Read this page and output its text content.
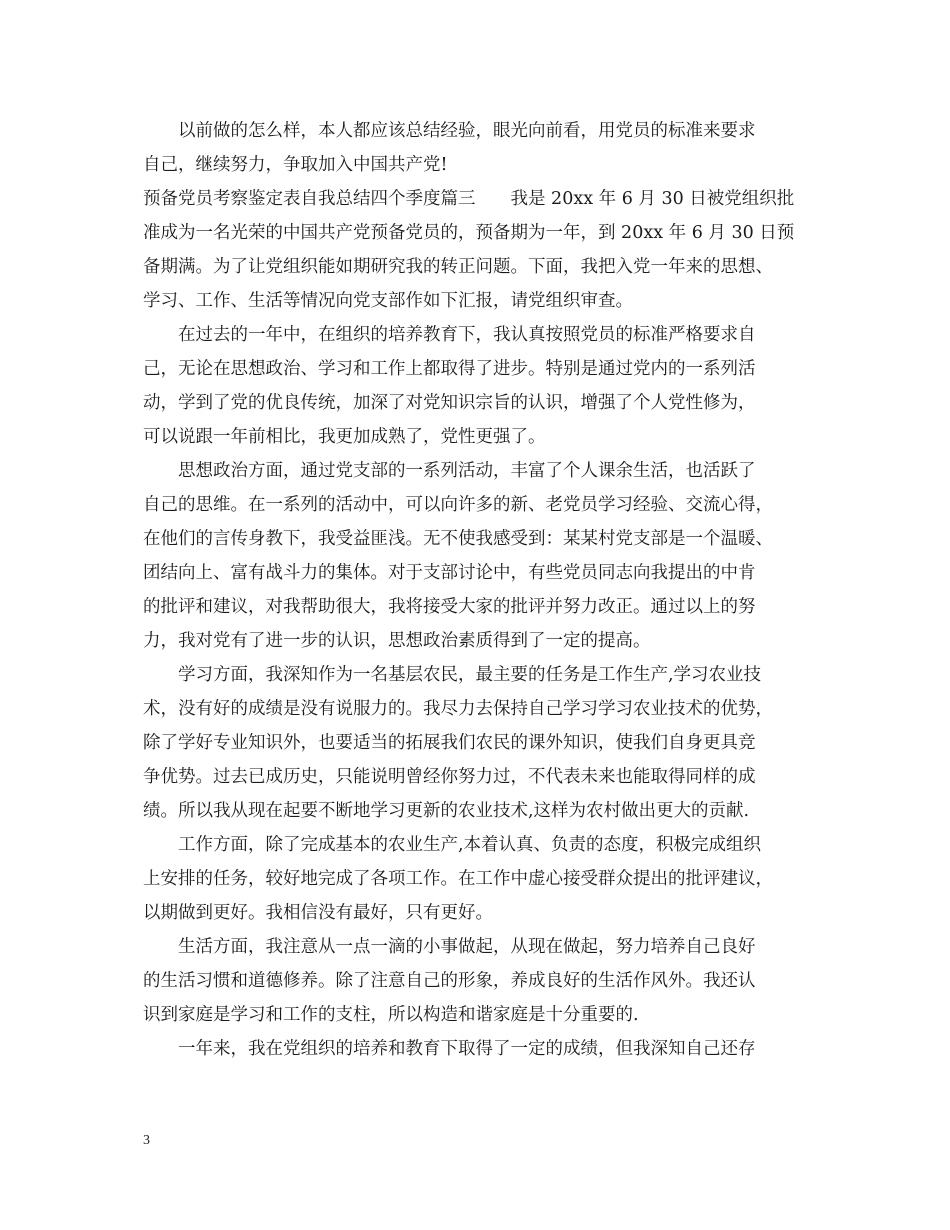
　　以前做的怎么样，本人都应该总结经验，眼光向前看，用党员的标准来要求
自己，继续努力，争取加入中国共产党!
预备党员考察鉴定表自我总结四个季度篇三　　我是 20xx 年 6 月 30 日被党组织批
准成为一名光荣的中国共产党预备党员的，预备期为一年，到 20xx 年 6 月 30 日预
备期满。为了让党组织能如期研究我的转正问题。下面，我把入党一年来的思想、
学习、工作、生活等情况向党支部作如下汇报，请党组织审查。
　　在过去的一年中，在组织的培养教育下，我认真按照党员的标准严格要求自
己，无论在思想政治、学习和工作上都取得了进步。特别是通过党内的一系列活
动，学到了党的优良传统，加深了对党知识宗旨的认识，增强了个人党性修为，
可以说跟一年前相比，我更加成熟了，党性更强了。
　　思想政治方面，通过党支部的一系列活动，丰富了个人课余生活，也活跃了
自己的思维。在一系列的活动中，可以向许多的新、老党员学习经验、交流心得，
在他们的言传身教下，我受益匪浅。无不使我感受到：某某村党支部是一个温暖、
团结向上、富有战斗力的集体。对于支部讨论中，有些党员同志向我提出的中肯
的批评和建议，对我帮助很大，我将接受大家的批评并努力改正。通过以上的努
力，我对党有了进一步的认识，思想政治素质得到了一定的提高。
　　学习方面，我深知作为一名基层农民，最主要的任务是工作生产,学习农业技
术，没有好的成绩是没有说服力的。我尽力去保持自己学习学习农业技术的优势，
除了学好专业知识外，也要适当的拓展我们农民的课外知识，使我们自身更具竞
争优势。过去已成历史，只能说明曾经你努力过，不代表未来也能取得同样的成
绩。所以我从现在起要不断地学习更新的农业技术,这样为农村做出更大的贡献.
　　工作方面，除了完成基本的农业生产,本着认真、负责的态度，积极完成组织
上安排的任务，较好地完成了各项工作。在工作中虚心接受群众提出的批评建议，
以期做到更好。我相信没有最好，只有更好。
　　生活方面，我注意从一点一滴的小事做起，从现在做起，努力培养自己良好
的生活习惯和道德修养。除了注意自己的形象，养成良好的生活作风外。我还认
识到家庭是学习和工作的支柱，所以构造和谐家庭是十分重要的.
　　一年来，我在党组织的培养和教育下取得了一定的成绩，但我深知自己还存
3
